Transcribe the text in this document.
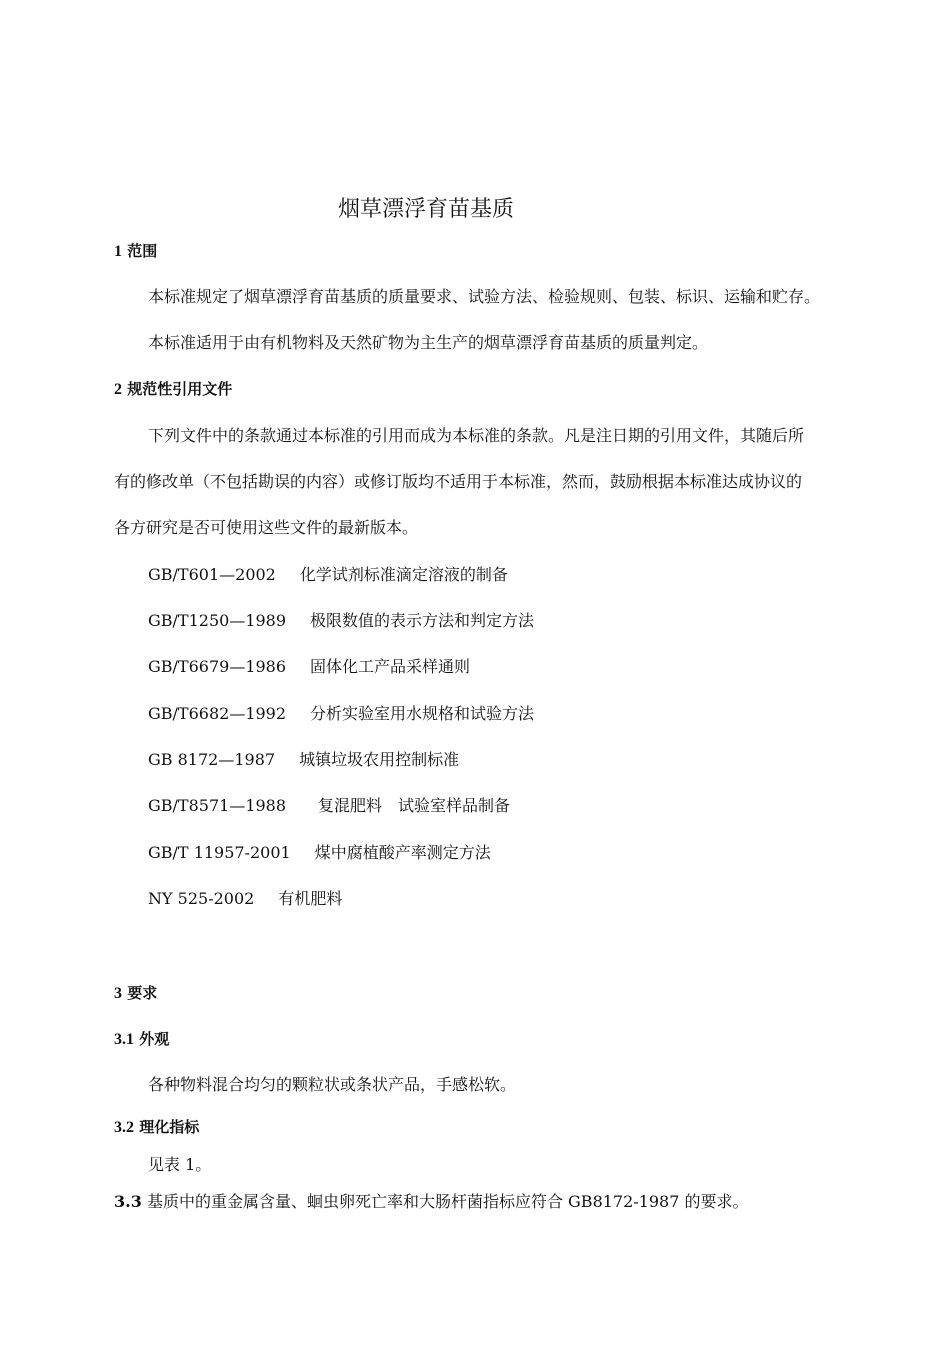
烟草漂浮育苗基质
1 范围
本标准规定了烟草漂浮育苗基质的质量要求、试验方法、检验规则、包装、标识、运输和贮存。
本标准适用于由有机物料及天然矿物为主生产的烟草漂浮育苗基质的质量判定。
2 规范性引用文件
下列文件中的条款通过本标准的引用而成为本标准的条款。凡是注日期的引用文件，其随后所
有的修改单（不包括勘误的内容）或修订版均不适用于本标准，然而，鼓励根据本标准达成协议的
各方研究是否可使用这些文件的最新版本。
GB/T601—2002 化学试剂标准滴定溶液的制备
GB/T1250—1989 极限数值的表示方法和判定方法
GB/T6679—1986 固体化工产品采样通则
GB/T6682—1992 分析实验室用水规格和试验方法
GB 8172—1987 城镇垃圾农用控制标准
GB/T8571—1988 复混肥料　试验室样品制备
GB/T 11957-2001 煤中腐植酸产率测定方法
NY 525-2002 有机肥料
3 要求
3.1 外观
各种物料混合均匀的颗粒状或条状产品，手感松软。
3.2 理化指标
见表 1。
3.3 基质中的重金属含量、蛔虫卵死亡率和大肠杆菌指标应符合 GB8172-1987 的要求。
